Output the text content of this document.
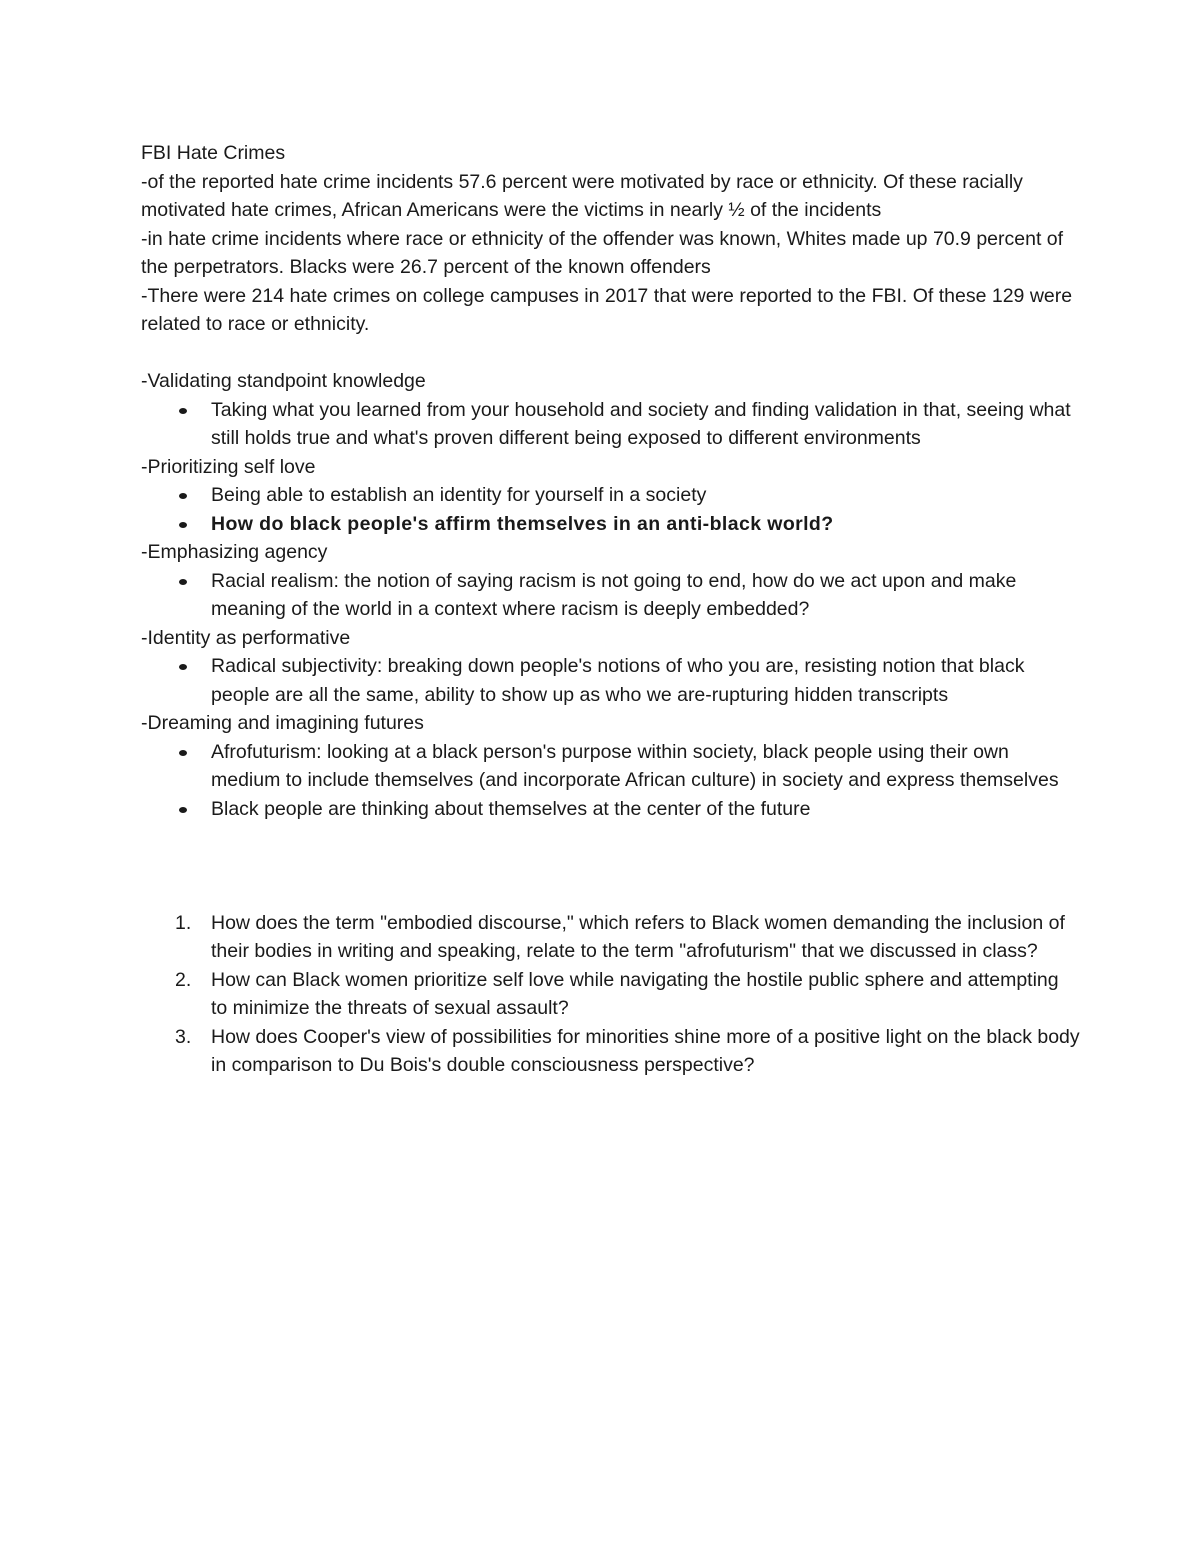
FBI Hate Crimes

-of the reported hate crime incidents 57.6 percent were motivated by race or ethnicity. Of these racially motivated hate crimes, African Americans were the victims in nearly ½ of the incidents

-in hate crime incidents where race or ethnicity of the offender was known, Whites made up 70.9 percent of the perpetrators. Blacks were 26.7 percent of the known offenders

-There were 214 hate crimes on college campuses in 2017 that were reported to the FBI. Of these 129 were related to race or ethnicity.

-Validating standpoint knowledge

Taking what you learned from your household and society and finding validation in that, seeing what still holds true and what's proven different being exposed to different environments

-Prioritizing self love

Being able to establish an identity for yourself in a society
How do black people's affirm themselves in an anti-black world?

-Emphasizing agency

Racial realism: the notion of saying racism is not going to end, how do we act upon and make meaning of the world in a context where racism is deeply embedded?

-Identity as performative

Radical subjectivity: breaking down people's notions of who you are, resisting notion that black people are all the same, ability to show up as who we are-rupturing hidden transcripts

-Dreaming and imagining futures

Afrofuturism: looking at a black person's purpose within society, black people using their own medium to include themselves (and incorporate African culture) in society and express themselves
Black people are thinking about themselves at the center of the future
1. How does the term "embodied discourse," which refers to Black women demanding the inclusion of their bodies in writing and speaking, relate to the term "afrofuturism" that we discussed in class?
2. How can Black women prioritize self love while navigating the hostile public sphere and attempting to minimize the threats of sexual assault?
3. How does Cooper's view of possibilities for minorities shine more of a positive light on the black body in comparison to Du Bois's double consciousness perspective?
